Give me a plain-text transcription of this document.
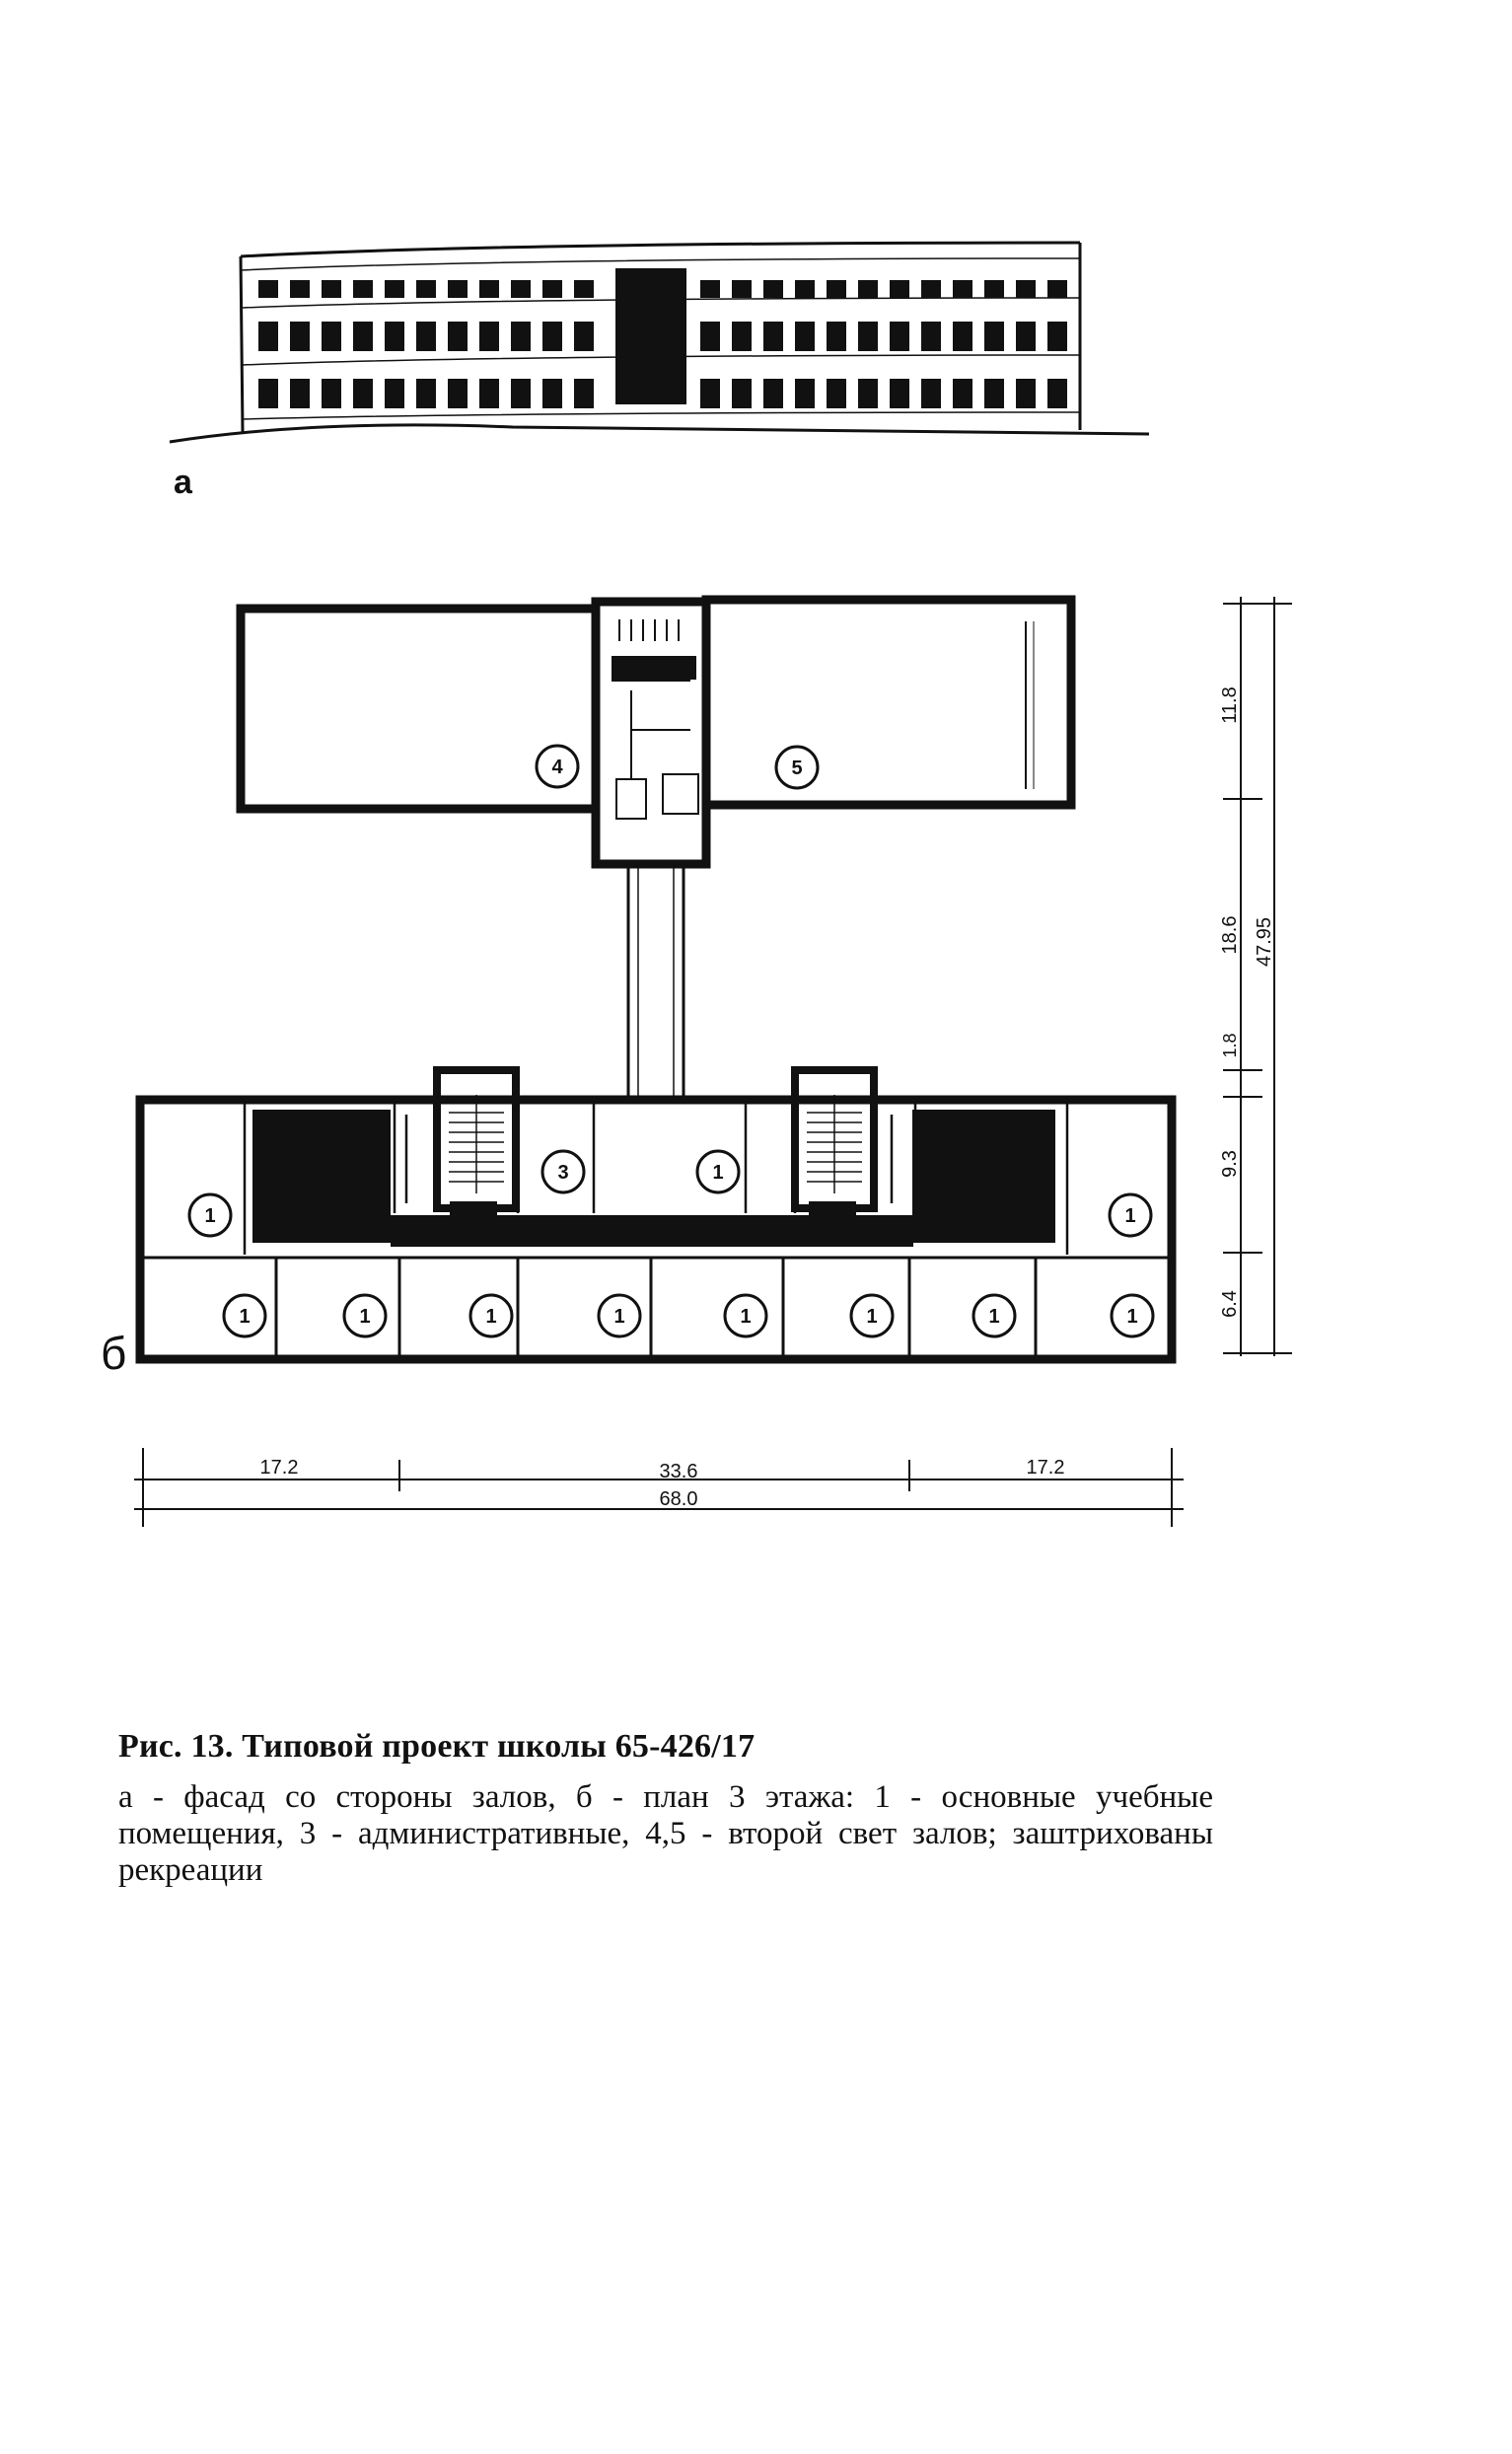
а
4	5
3	1
1	1
1	1	1	1	1	1	1	1
б
11.8
18.6
1.8
9.3
6.4
47.95
17.2	33.6	17.2
68.0

Рис. 13. Типовой проект школы 65-426/17

а - фасад со стороны залов, б - план 3 этажа: 1 - основные учебные помещения, 3 - административные, 4,5 - второй свет залов; заштрихованы рекреации
